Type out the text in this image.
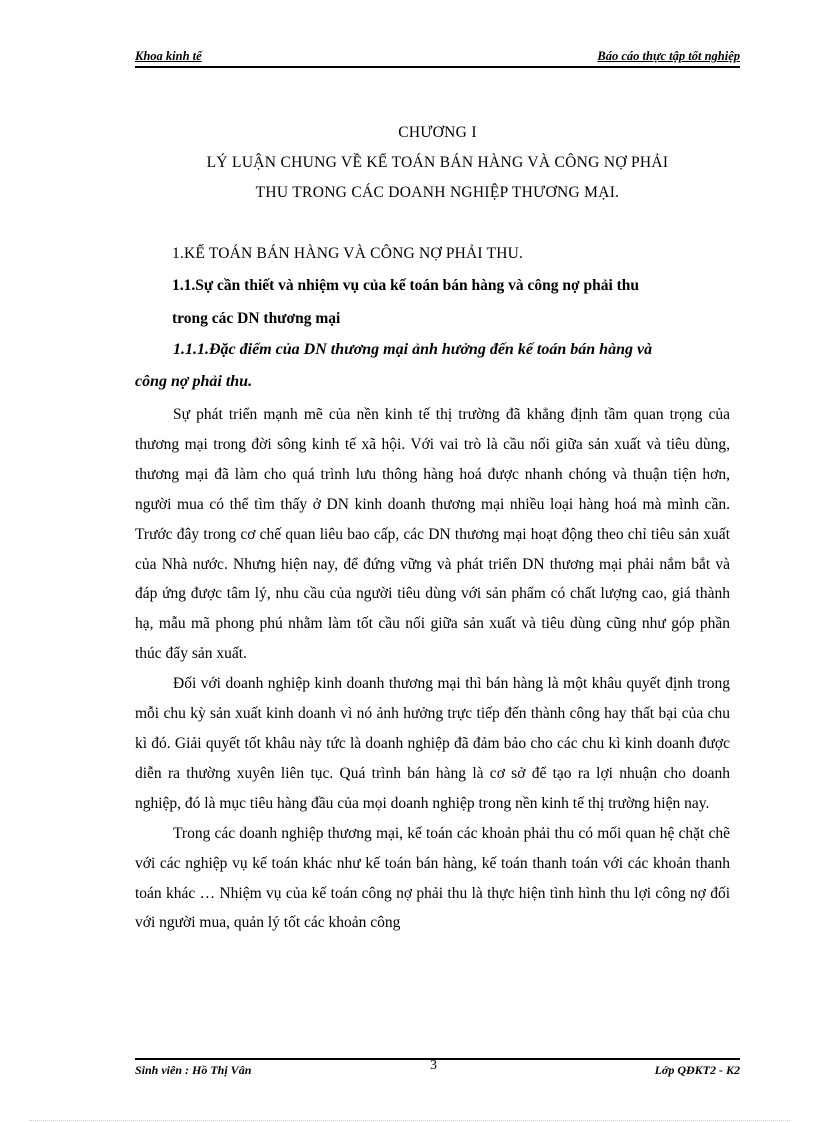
Khoa kinh tế	Báo cáo thực tập tốt nghiệp
CHƯƠNG I
LÝ LUẬN CHUNG VỀ KẾ TOÁN BÁN HÀNG VÀ CÔNG NỢ PHẢI
THU TRONG CÁC DOANH NGHIỆP THƯƠNG MẠI.
1.KẾ TOÁN BÁN HÀNG VÀ CÔNG NỢ PHẢI THU.
1.1.Sự cần thiết và nhiệm vụ của kế toán bán hàng và công nợ phải thu
trong các DN thương mại
1.1.1.Đặc điểm của DN thương mại ảnh hưởng đến kế toán bán hàng và
công nợ phải thu.

Sự phát triển mạnh mẽ của nền kinh tế thị trường đã khẳng định tầm quan trọng của thương mại trong đời sông kinh tế xã hội. Với vai trò là cầu nối giữa sản xuất và tiêu dùng, thương mại đã làm cho quá trình lưu thông hàng hoá được nhanh chóng và thuận tiện hơn, người mua có thể tìm thấy ở DN kinh doanh thương mại nhiều loại hàng hoá mà mình cần. Trước đây trong cơ chế quan liêu bao cấp, các DN thương mại hoạt động theo chỉ tiêu sản xuất của Nhà nước. Nhưng hiện nay, để đứng vững và phát triển DN thương mại phải nắm bắt và đáp ứng được tâm lý, nhu cầu của người tiêu dùng với sản phẩm có chất lượng cao, giá thành hạ, mẫu mã phong phú nhằm làm tốt cầu nối giữa sản xuất và tiêu dùng cũng như góp phần thúc đẩy sản xuất.

Đối với doanh nghiệp kinh doanh thương mại thì bán hàng là một khâu quyết định trong mỗi chu kỳ sản xuất kinh doanh vì nó ảnh hưởng trực tiếp đến thành công hay thất bại của chu kì đó. Giải quyết tốt khâu này tức là doanh nghiệp đã đảm bảo cho các chu kì kinh doanh được diễn ra thường xuyên liên tục. Quá trình bán hàng là cơ sở để tạo ra lợi nhuận cho doanh nghiệp, đó là mục tiêu hàng đầu của mọi doanh nghiệp trong nền kinh tế thị trường hiện nay.

Trong các doanh nghiệp thương mại, kế toán các khoản phải thu có mối quan hệ chặt chẽ với các nghiệp vụ kế toán khác như kế toán bán hàng, kế toán thanh toán với các khoản thanh toán khác … Nhiệm vụ của kế toán công nợ phải thu là thực hiện tình hình thu lợi công nợ đối với người mua, quản lý tốt các khoản công

3
Sinh viên : Hồ Thị Vân	Lớp QĐKT2 - K2
